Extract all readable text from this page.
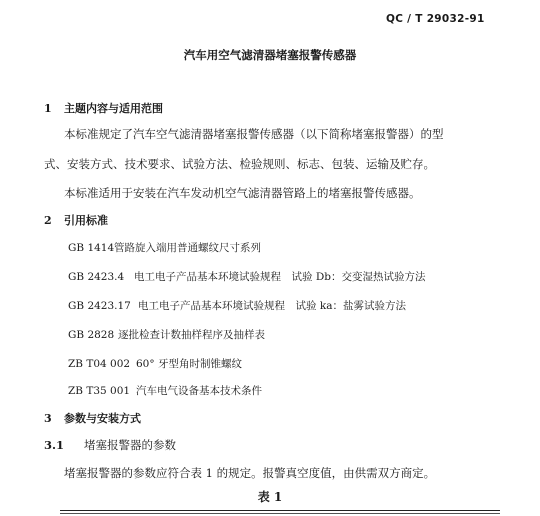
QC / T 29032-91
汽车用空气滤清器堵塞报警传感器
1 主题内容与适用范围
本标准规定了汽车空气滤清器堵塞报警传感器（以下简称堵塞报警器）的型
式、安装方式、技术要求、试验方法、检验规则、标志、包装、运输及贮存。
本标准适用于安装在汽车发动机空气滤清器管路上的堵塞报警传感器。
2 引用标准
GB 1414管路旋入端用普通螺纹尺寸系列
GB 2423.4 电工电子产品基本环境试验规程　试验 Db：交变湿热试验方法
GB 2423.17 电工电子产品基本环境试验规程　试验 ka：盐雾试验方法
GB 2828 逐批检查计数抽样程序及抽样表
ZB T04 002 60° 牙型角时制锥螺纹
ZB T35 001 汽车电气设备基本技术条件
3 参数与安装方式
3.1 堵塞报警器的参数
堵塞报警器的参数应符合表 1 的规定。报警真空度值，由供需双方商定。
表 1
